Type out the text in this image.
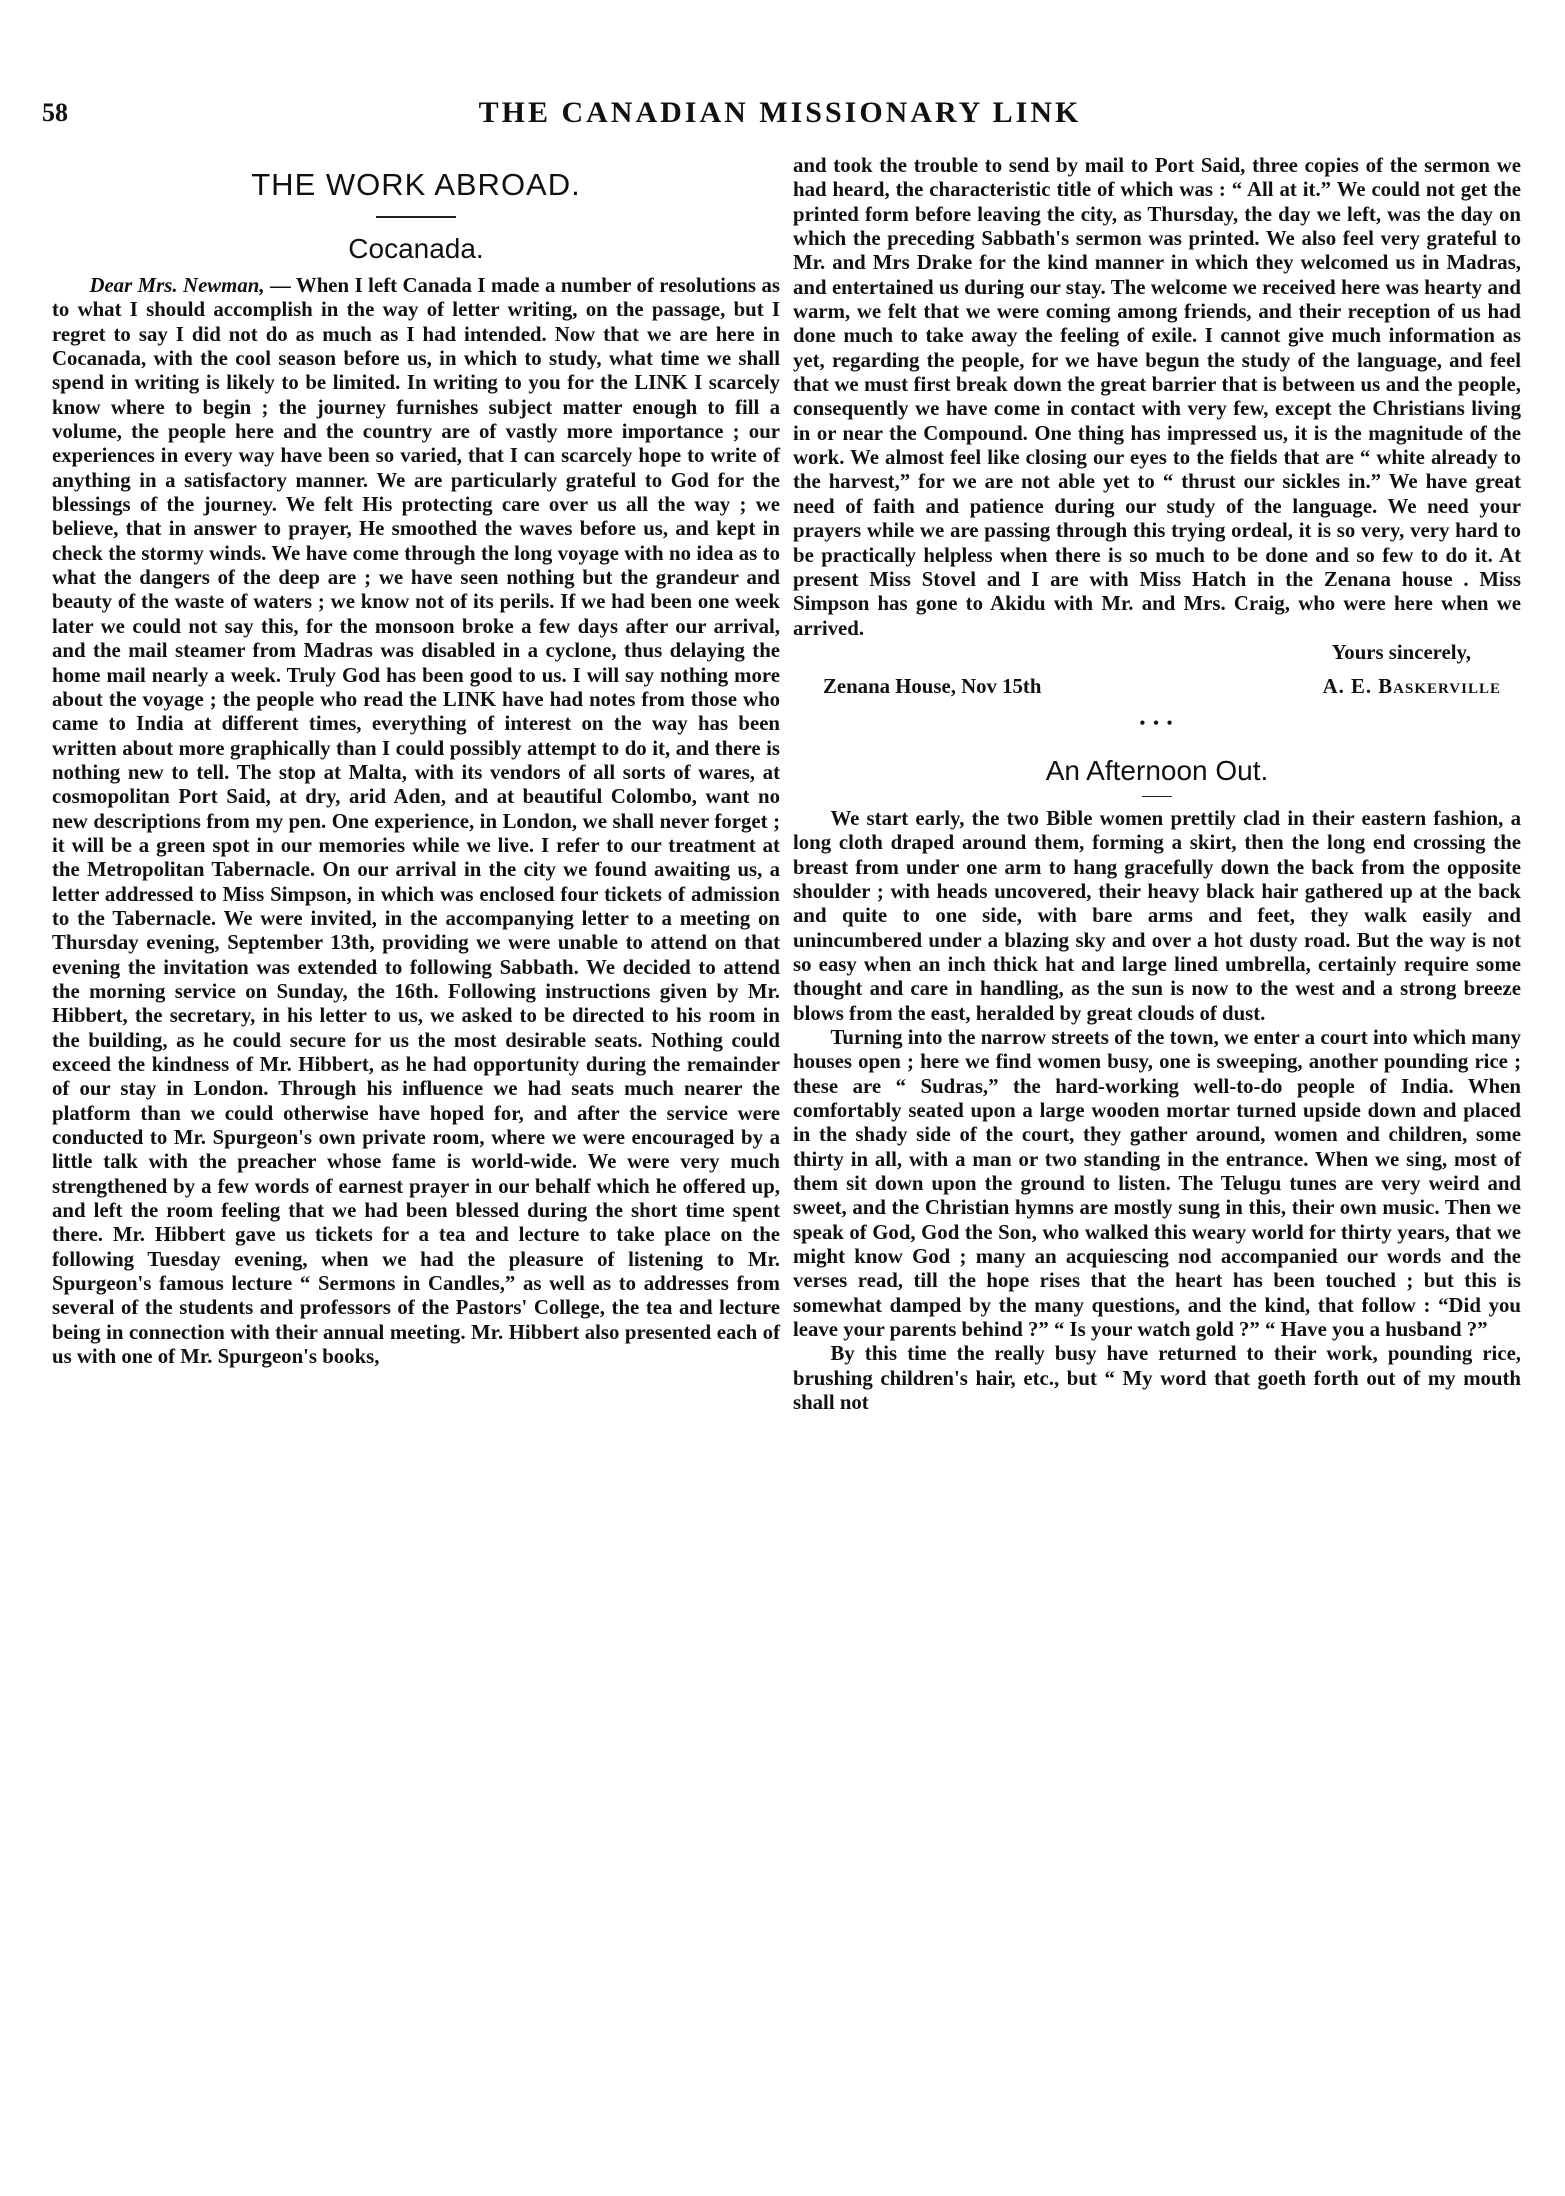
58	THE CANADIAN MISSIONARY LINK
THE WORK ABROAD.
Cocanada.

Dear Mrs. Newman, — When I left Canada I made a number of resolutions as to what I should accomplish in the way of letter writing, on the passage, but I regret to say I did not do as much as I had intended. Now that we are here in Cocanada, with the cool season before us, in which to study, what time we shall spend in writing is likely to be limited. In writing to you for the LINK I scarcely know where to begin ; the journey furnishes subject matter enough to fill a volume, the people here and the country are of vastly more importance ; our experiences in every way have been so varied, that I can scarcely hope to write of anything in a satisfactory manner. We are particularly grateful to God for the blessings of the journey. We felt His protecting care over us all the way ; we believe, that in answer to prayer, He smoothed the waves before us, and kept in check the stormy winds. We have come through the long voyage with no idea as to what the dangers of the deep are ; we have seen nothing but the grandeur and beauty of the waste of waters ; we know not of its perils. If we had been one week later we could not say this, for the monsoon broke a few days after our arrival, and the mail steamer from Madras was disabled in a cyclone, thus delaying the home mail nearly a week. Truly God has been good to us. I will say nothing more about the voyage ; the people who read the LINK have had notes from those who came to India at different times, everything of interest on the way has been written about more graphically than I could possibly attempt to do it, and there is nothing new to tell. The stop at Malta, with its vendors of all sorts of wares, at cosmopolitan Port Said, at dry, arid Aden, and at beautiful Colombo, want no new descriptions from my pen. One experience, in London, we shall never forget ; it will be a green spot in our memories while we live. I refer to our treatment at the Metropolitan Tabernacle. On our arrival in the city we found awaiting us, a letter addressed to Miss Simpson, in which was enclosed four tickets of admission to the Tabernacle. We were invited, in the accompanying letter to a meeting on Thursday evening, September 13th, providing we were unable to attend on that evening the invitation was extended to following Sabbath. We decided to attend the morning service on Sunday, the 16th. Following instructions given by Mr. Hibbert, the secretary, in his letter to us, we asked to be directed to his room in the building, as he could secure for us the most desirable seats. Nothing could exceed the kindness of Mr. Hibbert, as he had opportunity during the remainder of our stay in London. Through his influence we had seats much nearer the platform than we could otherwise have hoped for, and after the service were conducted to Mr. Spurgeon's own private room, where we were encouraged by a little talk with the preacher whose fame is world-wide. We were very much strengthened by a few words of earnest prayer in our behalf which he offered up, and left the room feeling that we had been blessed during the short time spent there. Mr. Hibbert gave us tickets for a tea and lecture to take place on the following Tuesday evening, when we had the pleasure of listening to Mr. Spurgeon's famous lecture “ Sermons in Candles,” as well as to addresses from several of the students and professors of the Pastors' College, the tea and lecture being in connection with their annual meeting. Mr. Hibbert also presented each of us with one of Mr. Spurgeon's books,

and took the trouble to send by mail to Port Said, three copies of the sermon we had heard, the characteristic title of which was : “ All at it.” We could not get the printed form before leaving the city, as Thursday, the day we left, was the day on which the preceding Sabbath's sermon was printed. We also feel very grateful to Mr. and Mrs Drake for the kind manner in which they welcomed us in Madras, and entertained us during our stay. The welcome we received here was hearty and warm, we felt that we were coming among friends, and their reception of us had done much to take away the feeling of exile. I cannot give much information as yet, regarding the people, for we have begun the study of the language, and feel that we must first break down the great barrier that is between us and the people, consequently we have come in contact with very few, except the Christians living in or near the Compound. One thing has impressed us, it is the magnitude of the work. We almost feel like closing our eyes to the fields that are “ white already to the harvest,” for we are not able yet to “ thrust our sickles in.” We have great need of faith and patience during our study of the language. We need your prayers while we are passing through this trying ordeal, it is so very, very hard to be practically helpless when there is so much to be done and so few to do it. At present Miss Stovel and I are with Miss Hatch in the Zenana house . Miss Simpson has gone to Akidu with Mr. and Mrs. Craig, who were here when we arrived.

Yours sincerely,
Zenana House, Nov 15th	A. E. Baskerville
• • •
An Afternoon Out.

We start early, the two Bible women prettily clad in their eastern fashion, a long cloth draped around them, forming a skirt, then the long end crossing the breast from under one arm to hang gracefully down the back from the opposite shoulder ; with heads uncovered, their heavy black hair gathered up at the back and quite to one side, with bare arms and feet, they walk easily and unincumbered under a blazing sky and over a hot dusty road. But the way is not so easy when an inch thick hat and large lined umbrella, certainly require some thought and care in handling, as the sun is now to the west and a strong breeze blows from the east, heralded by great clouds of dust.

Turning into the narrow streets of the town, we enter a court into which many houses open ; here we find women busy, one is sweeping, another pounding rice ; these are “ Sudras,” the hard-working well-to-do people of India. When comfortably seated upon a large wooden mortar turned upside down and placed in the shady side of the court, they gather around, women and children, some thirty in all, with a man or two standing in the entrance. When we sing, most of them sit down upon the ground to listen. The Telugu tunes are very weird and sweet, and the Christian hymns are mostly sung in this, their own music. Then we speak of God, God the Son, who walked this weary world for thirty years, that we might know God ; many an acquiescing nod accompanied our words and the verses read, till the hope rises that the heart has been touched ; but this is somewhat damped by the many questions, and the kind, that follow : “Did you leave your parents behind ?” “ Is your watch gold ?” “ Have you a husband ?”

By this time the really busy have returned to their work, pounding rice, brushing children's hair, etc., but “ My word that goeth forth out of my mouth shall not
